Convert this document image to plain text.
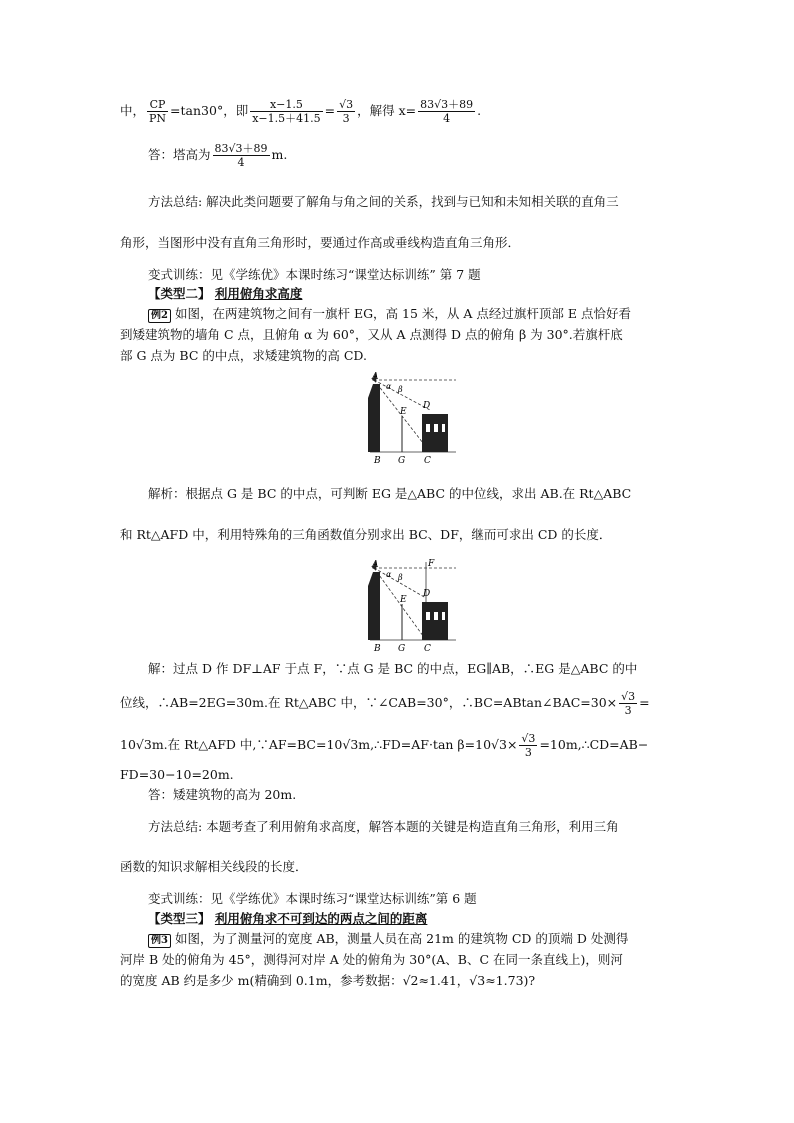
中， $\frac{CP}{PN} =\tan 30^\circ$，即 $\frac{x-1.5}{x-1.5+41.5} = \frac{√3}{3}$ ，解得 $x= \frac{83√3+89}{4}$ .
答：塔高为 $\frac{83√3+89}{4} m$.
方法总结: 解决此类问题要了解角与角之间的关系，找到与已知和未知相关联的直角三
角形，当图形中没有直角三角形时，要通过作高或垂线构造直角三角形．
变式训练：见《学练优》本课时练习“课堂达标训练” 第 7 题
【类型二】 利用俯角求高度
例2 如图，在两建筑物之间有一旗杆 EG，高 15 米，从 A 点经过旗杆顶部 E 点恰好看
到矮建筑物的墙角 C 点，且俯角 α 为 60°，又从 A 点测得 D 点的俯角 β 为 30°.若旗杆底
部 G 点为 BC 的中点，求矮建筑物的高 CD.
A
α β
E
D
B G C
解析：根据点 G 是 BC 的中点，可判断 EG 是△ABC 的中位线，求出 AB.在 Rt△ABC
和 Rt△AFD 中，利用特殊角的三角函数值分别求出 BC、DF，继而可求出 CD 的长度．
A	F
α β
E
D
B G C
解：过点 D 作 DF⊥AF 于点 F，∵点 G 是 BC 的中点，EG∥AB，∴EG 是△ABC 的中
位线，∴AB=2EG=30m.在 Rt△ABC 中，∵∠CAB=30°，∴BC=ABtan∠BAC=30× $\frac{√3}{3}$ =
10√3m.在 Rt△AFD 中,∵AF=BC=10√3m,∴FD=AF·tan $\beta=10√3\times \frac{√3}{3}$ =10m,∴CD=AB−
FD=30−10=20m.
答：矮建筑物的高为 20m.
方法总结: 本题考查了利用俯角求高度，解答本题的关键是构造直角三角形，利用三角
函数的知识求解相关线段的长度．
变式训练：见《学练优》本课时练习“课堂达标训练”第 6 题
【类型三】 利用俯角求不可到达的两点之间的距离
例3 如图，为了测量河的宽度 AB，测量人员在高 21m 的建筑物 CD 的顶端 D 处测得
河岸 B 处的俯角为 45°，测得河对岸 A 处的俯角为 30°(A、B、C 在同一条直线上)，则河
的宽度 AB 约是多少 m(精确到 0.1m，参考数据：√2≈1.41，√3≈1.73)?
